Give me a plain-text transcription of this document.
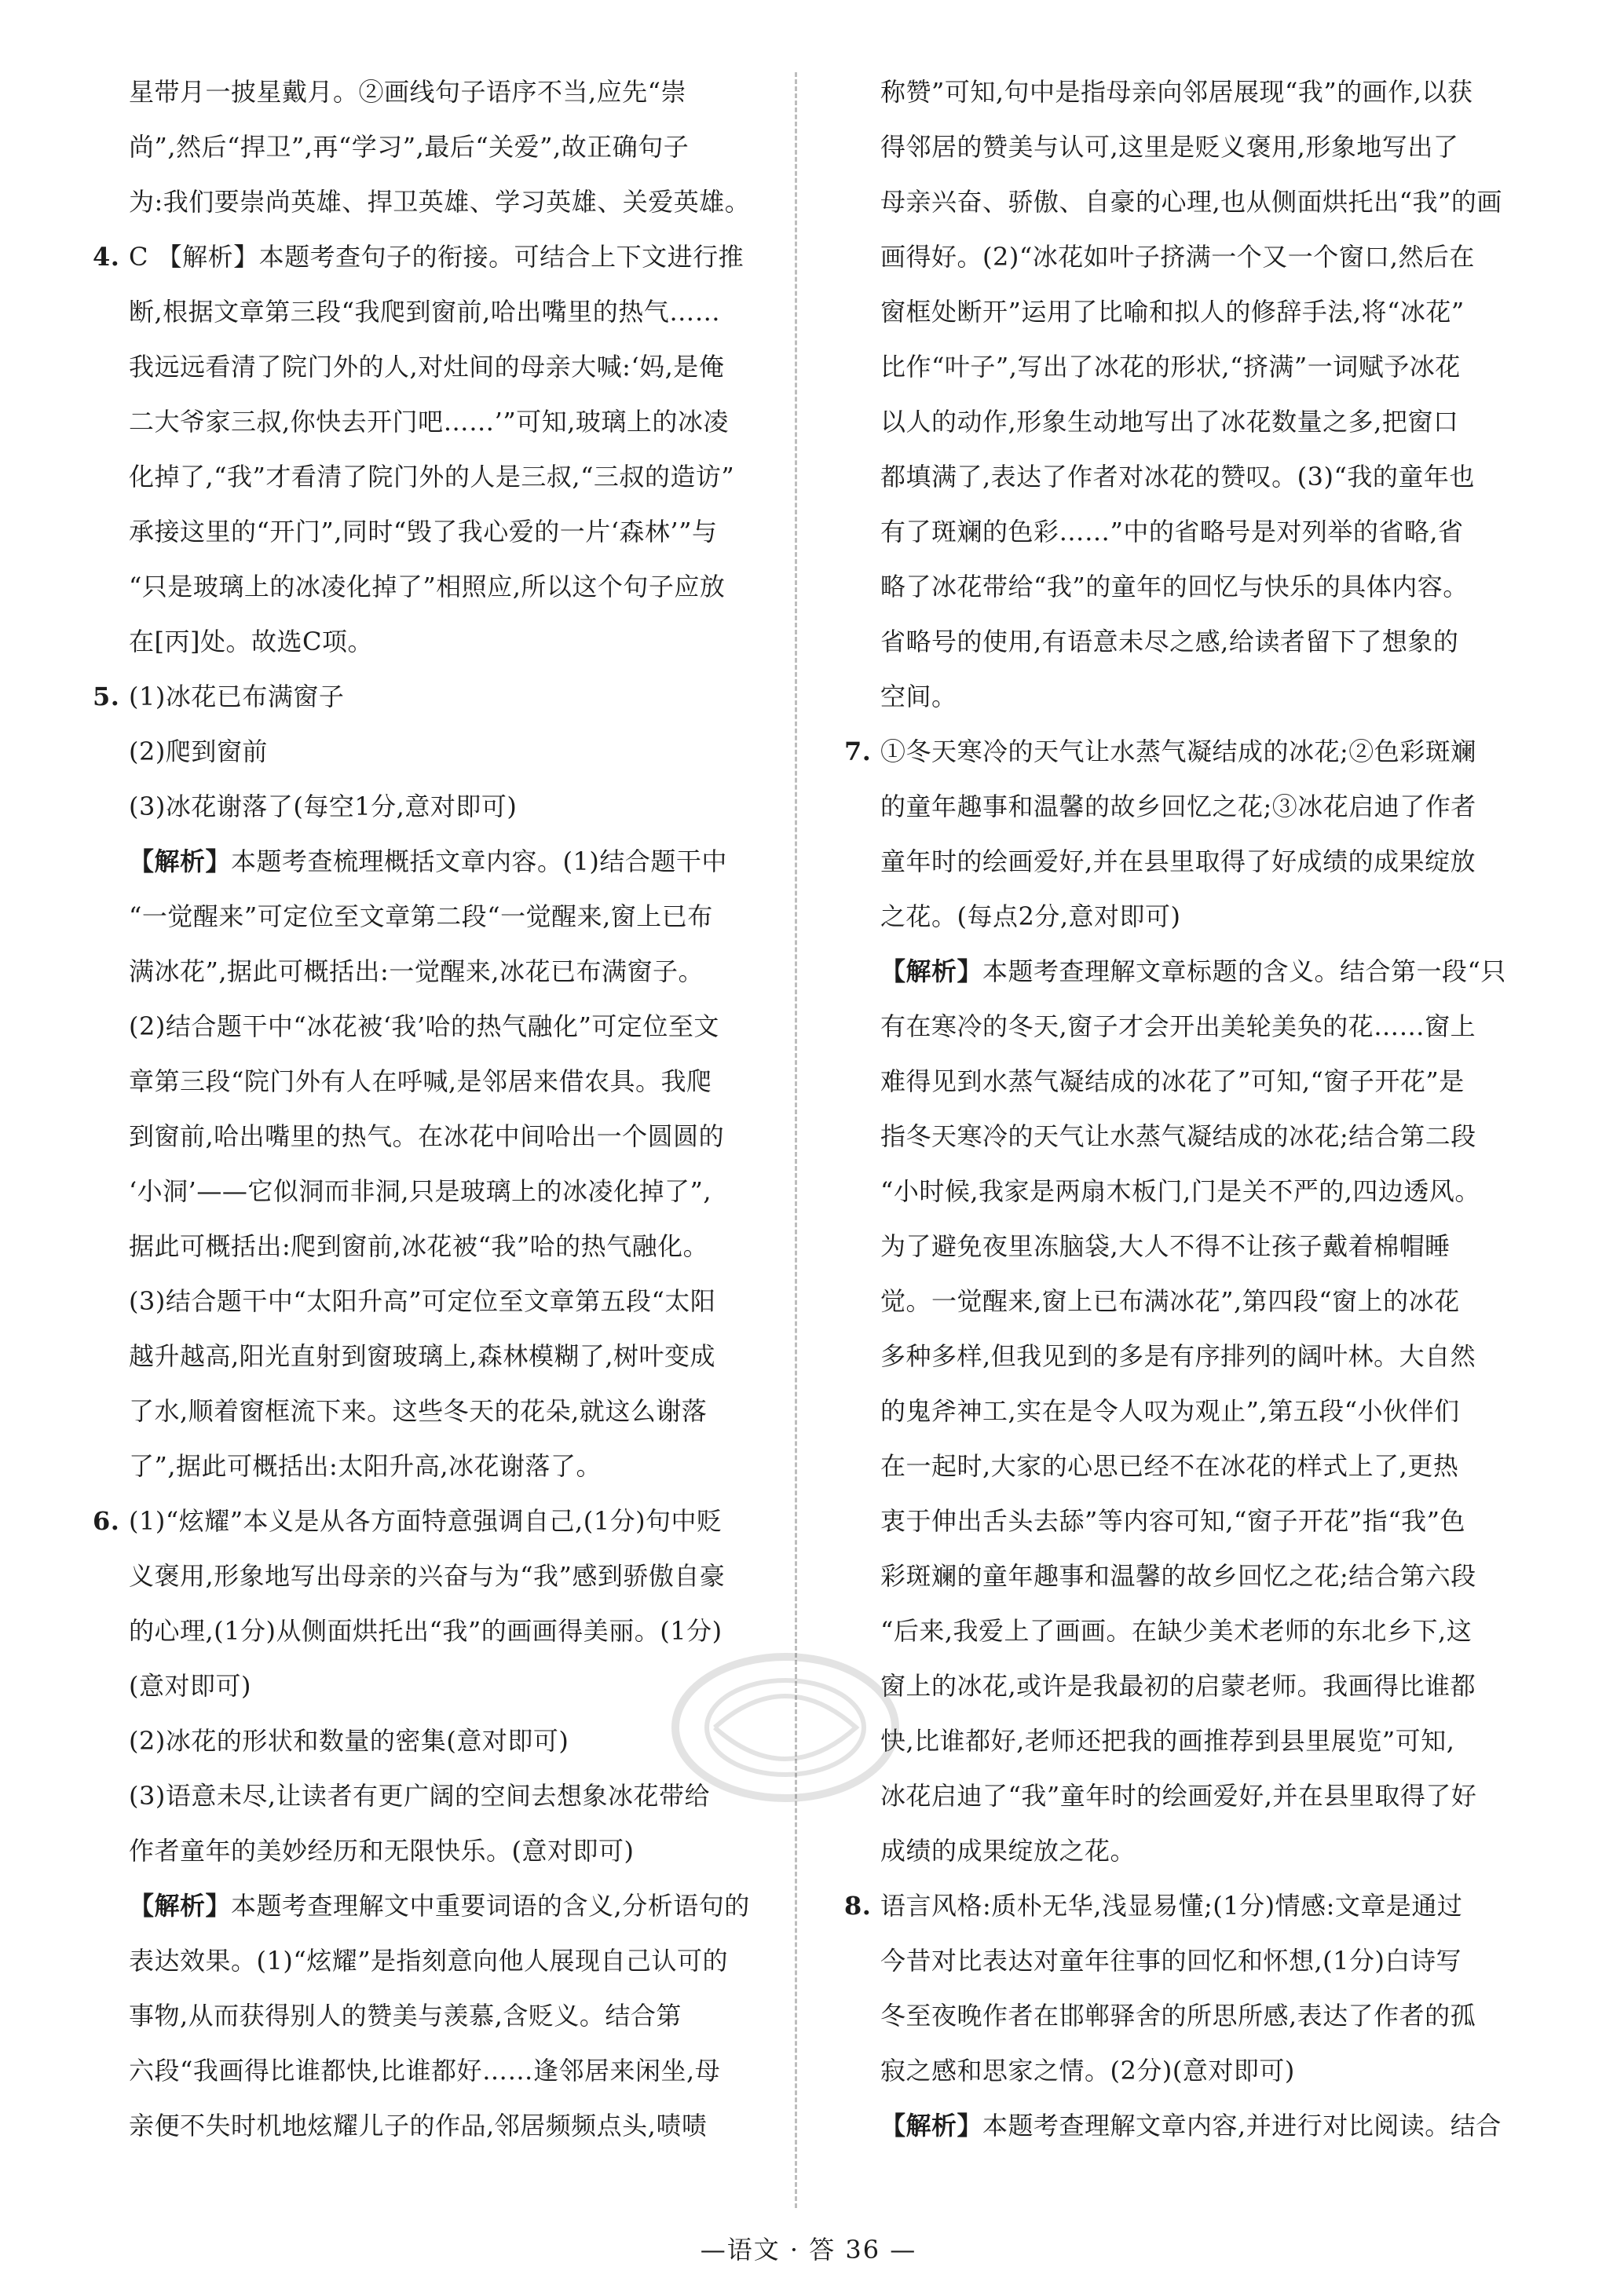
星带月一披星戴月。②画线句子语序不当,应先“崇
尚”,然后“捍卫”,再“学习”,最后“关爱”,故正确句子
为:我们要崇尚英雄、捍卫英雄、学习英雄、关爱英雄。
4. C 【解析】本题考查句子的衔接。可结合上下文进行推
断,根据文章第三段“我爬到窗前,哈出嘴里的热气……
我远远看清了院门外的人,对灶间的母亲大喊:‘妈,是俺
二大爷家三叔,你快去开门吧……’”可知,玻璃上的冰凌
化掉了,“我”才看清了院门外的人是三叔,“三叔的造访”
承接这里的“开门”,同时“毁了我心爱的一片‘森林’”与
“只是玻璃上的冰凌化掉了”相照应,所以这个句子应放
在[丙]处。故选C项。
5. (1)冰花已布满窗子
(2)爬到窗前
(3)冰花谢落了(每空1分,意对即可)
【解析】本题考查梳理概括文章内容。(1)结合题干中
“一觉醒来”可定位至文章第二段“一觉醒来,窗上已布
满冰花”,据此可概括出:一觉醒来,冰花已布满窗子。
(2)结合题干中“冰花被‘我’哈的热气融化”可定位至文
章第三段“院门外有人在呼喊,是邻居来借农具。我爬
到窗前,哈出嘴里的热气。在冰花中间哈出一个圆圆的
‘小洞’——它似洞而非洞,只是玻璃上的冰凌化掉了”,
据此可概括出:爬到窗前,冰花被“我”哈的热气融化。
(3)结合题干中“太阳升高”可定位至文章第五段“太阳
越升越高,阳光直射到窗玻璃上,森林模糊了,树叶变成
了水,顺着窗框流下来。这些冬天的花朵,就这么谢落
了”,据此可概括出:太阳升高,冰花谢落了。
6. (1)“炫耀”本义是从各方面特意强调自己,(1分)句中贬
义褒用,形象地写出母亲的兴奋与为“我”感到骄傲自豪
的心理,(1分)从侧面烘托出“我”的画画得美丽。(1分)
(意对即可)
(2)冰花的形状和数量的密集(意对即可)
(3)语意未尽,让读者有更广阔的空间去想象冰花带给
作者童年的美妙经历和无限快乐。(意对即可)
【解析】本题考查理解文中重要词语的含义,分析语句的
表达效果。(1)“炫耀”是指刻意向他人展现自己认可的
事物,从而获得别人的赞美与羡慕,含贬义。结合第
六段“我画得比谁都快,比谁都好……逢邻居来闲坐,母
亲便不失时机地炫耀儿子的作品,邻居频频点头,啧啧
称赞”可知,句中是指母亲向邻居展现“我”的画作,以获
得邻居的赞美与认可,这里是贬义褒用,形象地写出了
母亲兴奋、骄傲、自豪的心理,也从侧面烘托出“我”的画
画得好。(2)“冰花如叶子挤满一个又一个窗口,然后在
窗框处断开”运用了比喻和拟人的修辞手法,将“冰花”
比作“叶子”,写出了冰花的形状,“挤满”一词赋予冰花
以人的动作,形象生动地写出了冰花数量之多,把窗口
都填满了,表达了作者对冰花的赞叹。(3)“我的童年也
有了斑斓的色彩……”中的省略号是对列举的省略,省
略了冰花带给“我”的童年的回忆与快乐的具体内容。
省略号的使用,有语意未尽之感,给读者留下了想象的
空间。
7. ①冬天寒冷的天气让水蒸气凝结成的冰花;②色彩斑斓
的童年趣事和温馨的故乡回忆之花;③冰花启迪了作者
童年时的绘画爱好,并在县里取得了好成绩的成果绽放
之花。(每点2分,意对即可)
【解析】本题考查理解文章标题的含义。结合第一段“只
有在寒冷的冬天,窗子才会开出美轮美奂的花……窗上
难得见到水蒸气凝结成的冰花了”可知,“窗子开花”是
指冬天寒冷的天气让水蒸气凝结成的冰花;结合第二段
“小时候,我家是两扇木板门,门是关不严的,四边透风。
为了避免夜里冻脑袋,大人不得不让孩子戴着棉帽睡
觉。一觉醒来,窗上已布满冰花”,第四段“窗上的冰花
多种多样,但我见到的多是有序排列的阔叶林。大自然
的鬼斧神工,实在是令人叹为观止”,第五段“小伙伴们
在一起时,大家的心思已经不在冰花的样式上了,更热
衷于伸出舌头去舔”等内容可知,“窗子开花”指“我”色
彩斑斓的童年趣事和温馨的故乡回忆之花;结合第六段
“后来,我爱上了画画。在缺少美术老师的东北乡下,这
窗上的冰花,或许是我最初的启蒙老师。我画得比谁都
快,比谁都好,老师还把我的画推荐到县里展览”可知,
冰花启迪了“我”童年时的绘画爱好,并在县里取得了好
成绩的成果绽放之花。
8. 语言风格:质朴无华,浅显易懂;(1分)情感:文章是通过
今昔对比表达对童年往事的回忆和怀想,(1分)白诗写
冬至夜晚作者在邯郸驿舍的所思所感,表达了作者的孤
寂之感和思家之情。(2分)(意对即可)
【解析】本题考查理解文章内容,并进行对比阅读。结合
—语文 · 答 36 —
